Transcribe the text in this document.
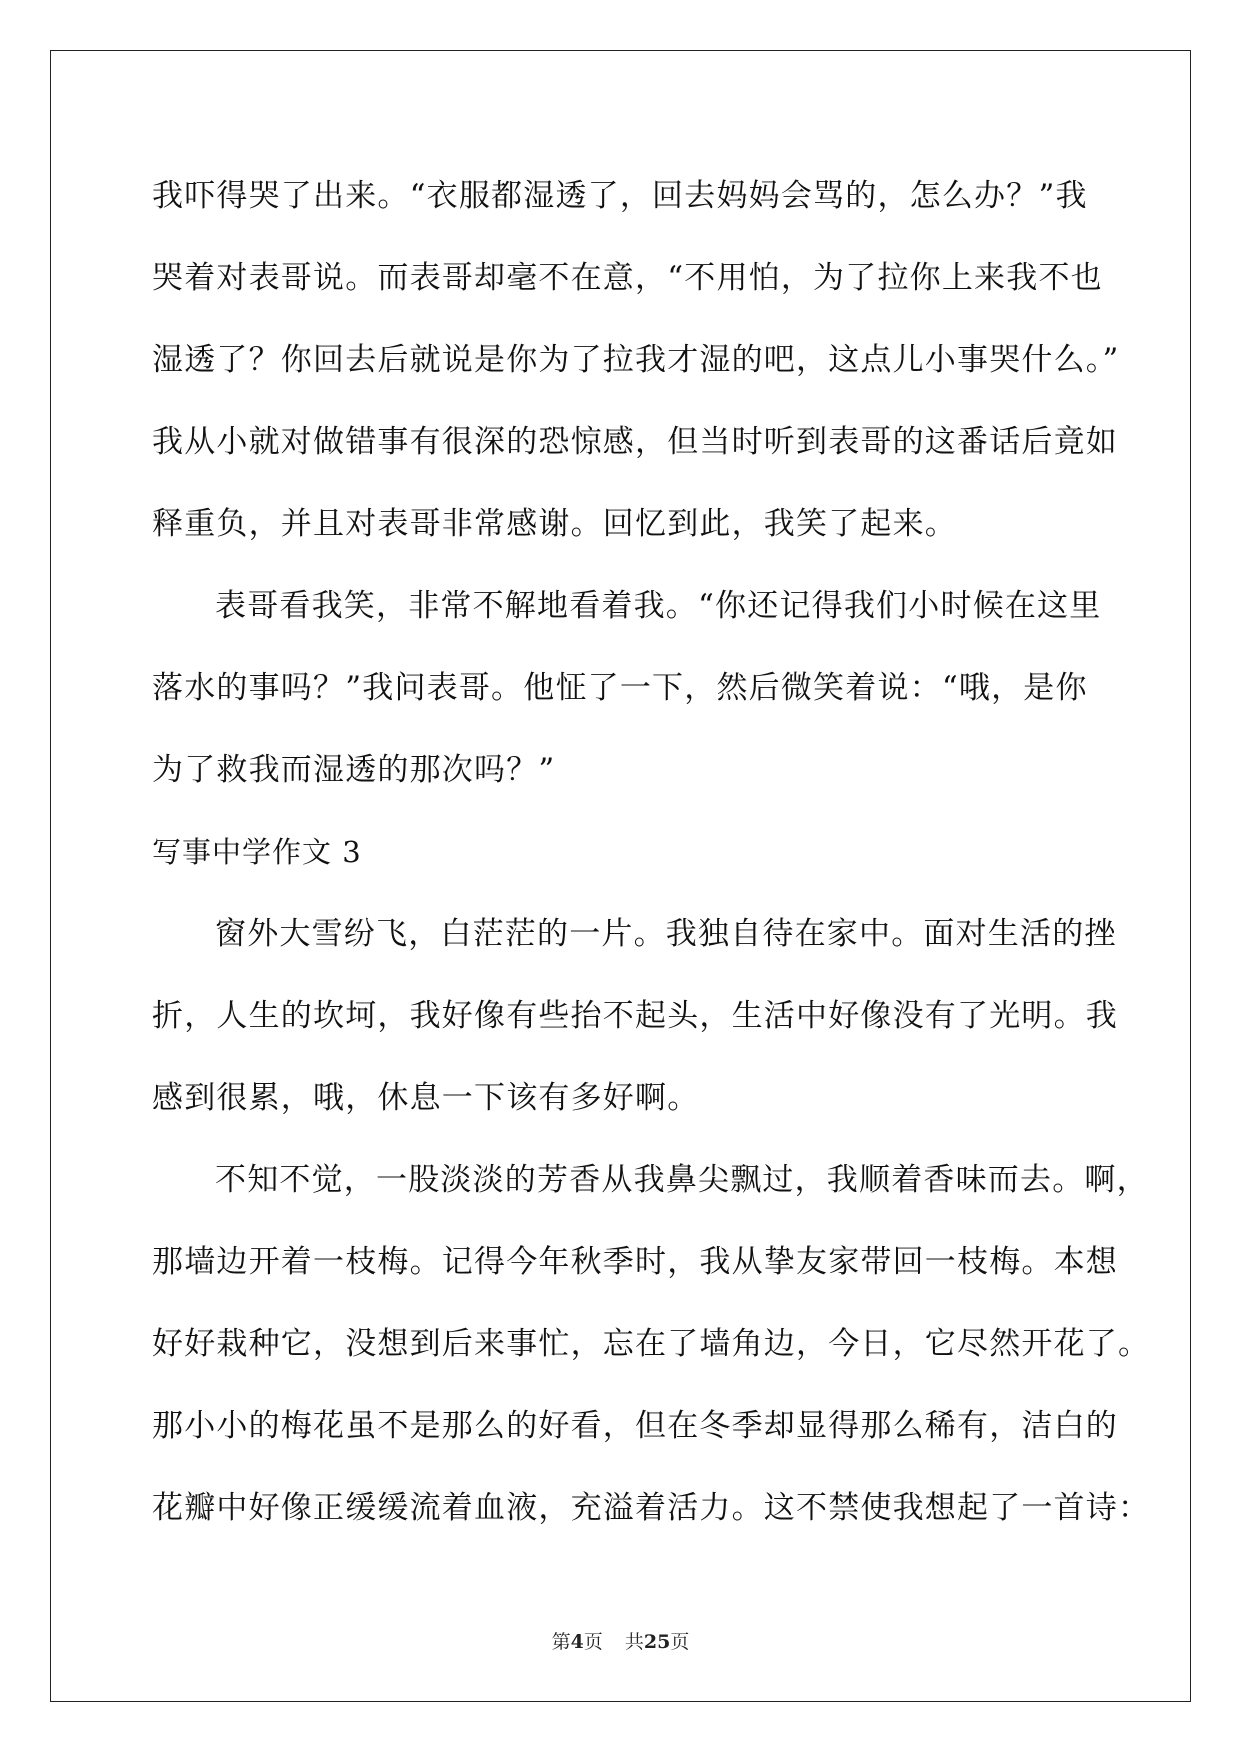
我吓得哭了出来。“衣服都湿透了，回去妈妈会骂的，怎么办？”我
哭着对表哥说。而表哥却毫不在意，“不用怕，为了拉你上来我不也
湿透了？你回去后就说是你为了拉我才湿的吧，这点儿小事哭什么。”
我从小就对做错事有很深的恐惊感，但当时听到表哥的这番话后竟如
释重负，并且对表哥非常感谢。回忆到此，我笑了起来。
表哥看我笑，非常不解地看着我。“你还记得我们小时候在这里
落水的事吗？”我问表哥。他怔了一下，然后微笑着说：“哦，是你
为了救我而湿透的那次吗？”
写事中学作文 3
窗外大雪纷飞，白茫茫的一片。我独自待在家中。面对生活的挫
折，人生的坎坷，我好像有些抬不起头，生活中好像没有了光明。我
感到很累，哦，休息一下该有多好啊。
不知不觉，一股淡淡的芳香从我鼻尖飘过，我顺着香味而去。啊，
那墙边开着一枝梅。记得今年秋季时，我从挚友家带回一枝梅。本想
好好栽种它，没想到后来事忙，忘在了墙角边，今日，它尽然开花了。
那小小的梅花虽不是那么的好看，但在冬季却显得那么稀有，洁白的
花瓣中好像正缓缓流着血液，充溢着活力。这不禁使我想起了一首诗：
第4页 共25页
